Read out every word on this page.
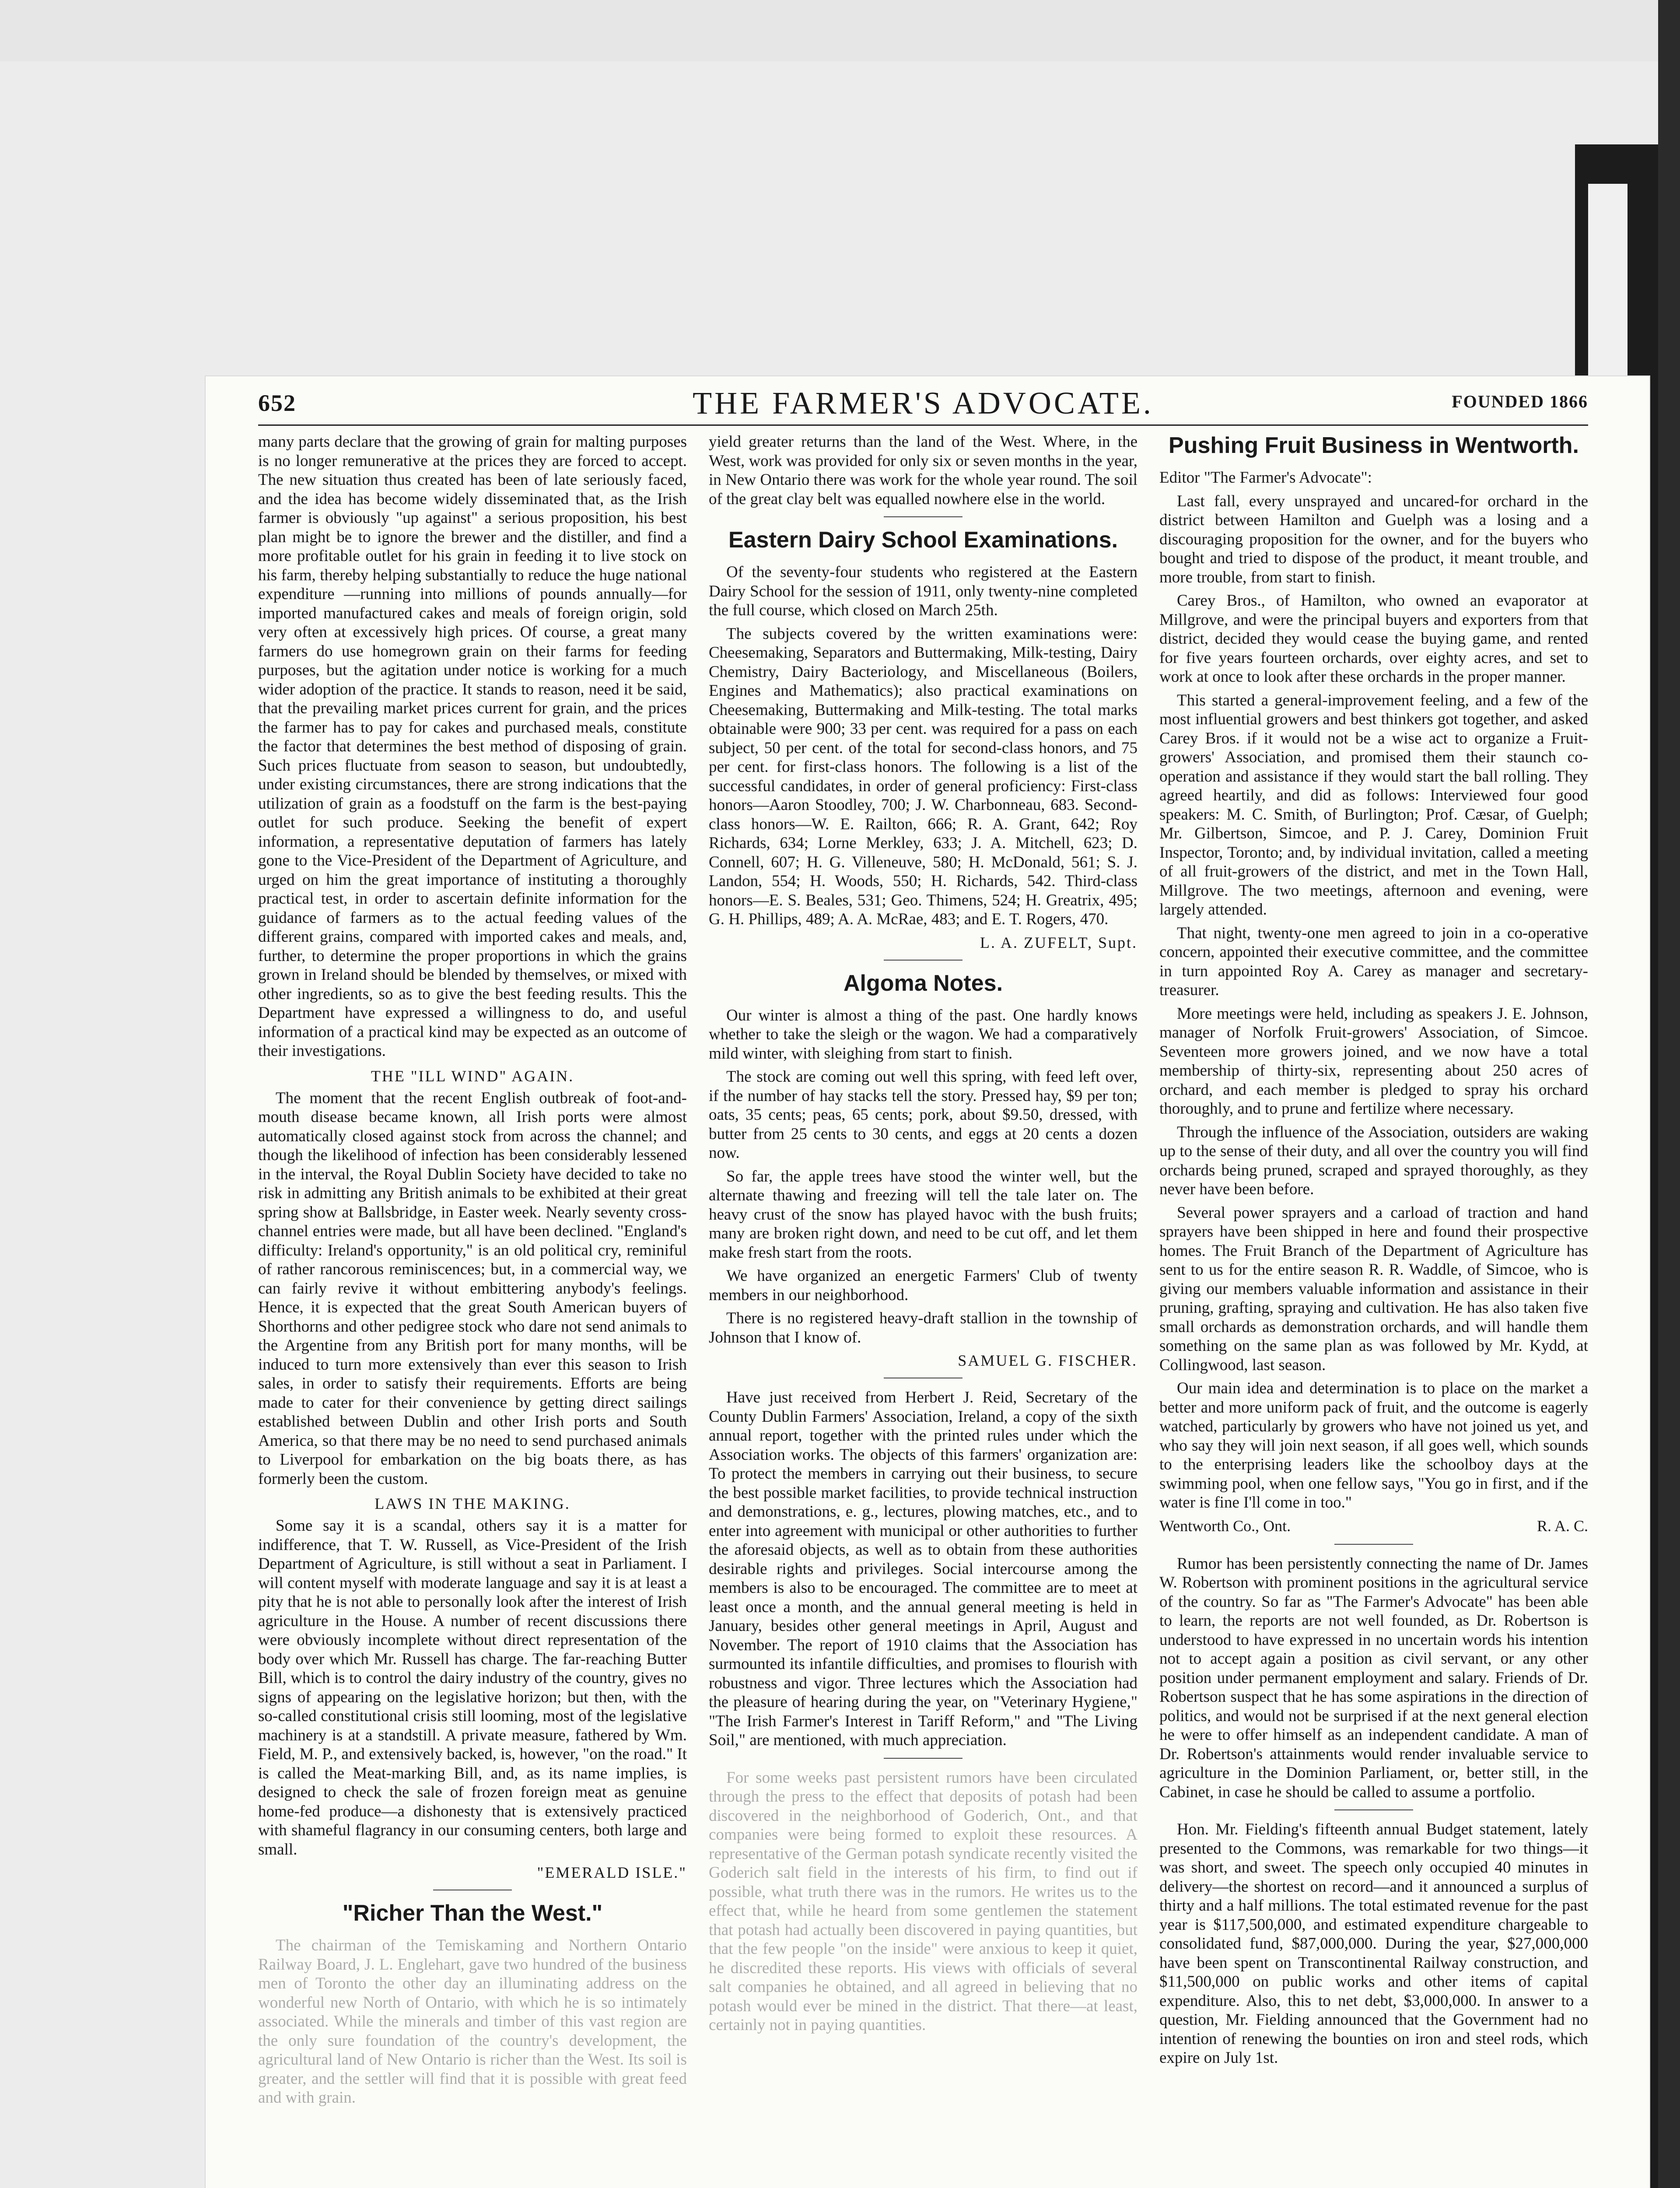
652	THE FARMER'S ADVOCATE.	FOUNDED 1866

many parts declare that the growing of grain for malting purposes is no longer remunerative at the prices they are forced to accept. The new situation thus created has been of late seriously faced, and the idea has become widely disseminated that, as the Irish farmer is obviously "up against" a serious proposition, his best plan might be to ignore the brewer and the distiller, and find a more profitable outlet for his grain in feeding it to live stock on his farm, thereby helping substantially to reduce the huge national expenditure —running into millions of pounds annually—for imported manufactured cakes and meals of foreign origin, sold very often at excessively high prices. Of course, a great many farmers do use homegrown grain on their farms for feeding purposes, but the agitation under notice is working for a much wider adoption of the practice. It stands to reason, need it be said, that the prevailing market prices current for grain, and the prices the farmer has to pay for cakes and purchased meals, constitute the factor that determines the best method of disposing of grain. Such prices fluctuate from season to season, but undoubtedly, under existing circumstances, there are strong indications that the utilization of grain as a foodstuff on the farm is the best-paying outlet for such produce. Seeking the benefit of expert information, a representative deputation of farmers has lately gone to the Vice-President of the Department of Agriculture, and urged on him the great importance of instituting a thoroughly practical test, in order to ascertain definite information for the guidance of farmers as to the actual feeding values of the different grains, compared with imported cakes and meals, and, further, to determine the proper proportions in which the grains grown in Ireland should be blended by themselves, or mixed with other ingredients, so as to give the best feeding results. This the Department have expressed a willingness to do, and useful information of a practical kind may be expected as an outcome of their investigations.

THE "ILL WIND" AGAIN.

The moment that the recent English outbreak of foot-and-mouth disease became known, all Irish ports were almost automatically closed against stock from across the channel; and though the likelihood of infection has been considerably lessened in the interval, the Royal Dublin Society have decided to take no risk in admitting any British animals to be exhibited at their great spring show at Ballsbridge, in Easter week. Nearly seventy cross-channel entries were made, but all have been declined. "England's difficulty: Ireland's opportunity," is an old political cry, reminiful of rather rancorous reminiscences; but, in a commercial way, we can fairly revive it without embittering anybody's feelings. Hence, it is expected that the great South American buyers of Shorthorns and other pedigree stock who dare not send animals to the Argentine from any British port for many months, will be induced to turn more extensively than ever this season to Irish sales, in order to satisfy their requirements. Efforts are being made to cater for their convenience by getting direct sailings established between Dublin and other Irish ports and South America, so that there may be no need to send purchased animals to Liverpool for embarkation on the big boats there, as has formerly been the custom.

LAWS IN THE MAKING.

Some say it is a scandal, others say it is a matter for indifference, that T. W. Russell, as Vice-President of the Irish Department of Agriculture, is still without a seat in Parliament. I will content myself with moderate language and say it is at least a pity that he is not able to personally look after the interest of Irish agriculture in the House. A number of recent discussions there were obviously incomplete without direct representation of the body over which Mr. Russell has charge. The far-reaching Butter Bill, which is to control the dairy industry of the country, gives no signs of appearing on the legislative horizon; but then, with the so-called constitutional crisis still looming, most of the legislative machinery is at a standstill. A private measure, fathered by Wm. Field, M. P., and extensively backed, is, however, "on the road." It is called the Meat-marking Bill, and, as its name implies, is designed to check the sale of frozen foreign meat as genuine home-fed produce—a dishonesty that is extensively practiced with shameful flagrancy in our consuming centers, both large and small.

"EMERALD ISLE."
"Richer Than the West."

The chairman of the Temiskaming and Northern Ontario Railway Board, J. L. Englehart, gave two hundred of the business men of Toronto the other day an illuminating address on the wonderful new North of Ontario, with which he is so intimately associated. While the minerals and timber of this vast region are the only sure foundation of the country's development, the agricultural land of New Ontario is richer than the West. Its soil is greater, and the settler will find that it is possible with great feed and with grain.

yield greater returns than the land of the West. Where, in the West, work was provided for only six or seven months in the year, in New Ontario there was work for the whole year round. The soil of the great clay belt was equalled nowhere else in the world.

Eastern Dairy School Examinations.

Of the seventy-four students who registered at the Eastern Dairy School for the session of 1911, only twenty-nine completed the full course, which closed on March 25th.

The subjects covered by the written examinations were: Cheesemaking, Separators and Buttermaking, Milk-testing, Dairy Chemistry, Dairy Bacteriology, and Miscellaneous (Boilers, Engines and Mathematics); also practical examinations on Cheesemaking, Buttermaking and Milk-testing. The total marks obtainable were 900; 33 per cent. was required for a pass on each subject, 50 per cent. of the total for second-class honors, and 75 per cent. for first-class honors. The following is a list of the successful candidates, in order of general proficiency: First-class honors—Aaron Stoodley, 700; J. W. Charbonneau, 683. Second-class honors—W. E. Railton, 666; R. A. Grant, 642; Roy Richards, 634; Lorne Merkley, 633; J. A. Mitchell, 623; D. Connell, 607; H. G. Villeneuve, 580; H. McDonald, 561; S. J. Landon, 554; H. Woods, 550; H. Richards, 542. Third-class honors—E. S. Beales, 531; Geo. Thimens, 524; H. Greatrix, 495; G. H. Phillips, 489; A. A. McRae, 483; and E. T. Rogers, 470.

L. A. ZUFELT, Supt.
Algoma Notes.

Our winter is almost a thing of the past. One hardly knows whether to take the sleigh or the wagon. We had a comparatively mild winter, with sleighing from start to finish.

The stock are coming out well this spring, with feed left over, if the number of hay stacks tell the story. Pressed hay, $9 per ton; oats, 35 cents; peas, 65 cents; pork, about $9.50, dressed, with butter from 25 cents to 30 cents, and eggs at 20 cents a dozen now.

So far, the apple trees have stood the winter well, but the alternate thawing and freezing will tell the tale later on. The heavy crust of the snow has played havoc with the bush fruits; many are broken right down, and need to be cut off, and let them make fresh start from the roots.

We have organized an energetic Farmers' Club of twenty members in our neighborhood.

There is no registered heavy-draft stallion in the township of Johnson that I know of.

SAMUEL G. FISCHER.

Have just received from Herbert J. Reid, Secretary of the County Dublin Farmers' Association, Ireland, a copy of the sixth annual report, together with the printed rules under which the Association works. The objects of this farmers' organization are: To protect the members in carrying out their business, to secure the best possible market facilities, to provide technical instruction and demonstrations, e. g., lectures, plowing matches, etc., and to enter into agreement with municipal or other authorities to further the aforesaid objects, as well as to obtain from these authorities desirable rights and privileges. Social intercourse among the members is also to be encouraged. The committee are to meet at least once a month, and the annual general meeting is held in January, besides other general meetings in April, August and November. The report of 1910 claims that the Association has surmounted its infantile difficulties, and promises to flourish with robustness and vigor. Three lectures which the Association had the pleasure of hearing during the year, on "Veterinary Hygiene," "The Irish Farmer's Interest in Tariff Reform," and "The Living Soil," are mentioned, with much appreciation.

For some weeks past persistent rumors have been circulated through the press to the effect that deposits of potash had been discovered in the neighborhood of Goderich, Ont., and that companies were being formed to exploit these resources. A representative of the German potash syndicate recently visited the Goderich salt field in the interests of his firm, to find out if possible, what truth there was in the rumors. He writes us to the effect that, while he heard from some gentlemen the statement that potash had actually been discovered in paying quantities, but that the few people "on the inside" were anxious to keep it quiet, he discredited these reports. His views with officials of several salt companies he obtained, and all agreed in believing that no potash would ever be mined in the district. That there—at least, certainly not in paying quantities.

Pushing Fruit Business in Wentworth.

Editor "The Farmer's Advocate":

Last fall, every unsprayed and uncared-for orchard in the district between Hamilton and Guelph was a losing and a discouraging proposition for the owner, and for the buyers who bought and tried to dispose of the product, it meant trouble, and more trouble, from start to finish.

Carey Bros., of Hamilton, who owned an evaporator at Millgrove, and were the principal buyers and exporters from that district, decided they would cease the buying game, and rented for five years fourteen orchards, over eighty acres, and set to work at once to look after these orchards in the proper manner.

This started a general-improvement feeling, and a few of the most influential growers and best thinkers got together, and asked Carey Bros. if it would not be a wise act to organize a Fruit-growers' Association, and promised them their staunch co-operation and assistance if they would start the ball rolling. They agreed heartily, and did as follows: Interviewed four good speakers: M. C. Smith, of Burlington; Prof. Cæsar, of Guelph; Mr. Gilbertson, Simcoe, and P. J. Carey, Dominion Fruit Inspector, Toronto; and, by individual invitation, called a meeting of all fruit-growers of the district, and met in the Town Hall, Millgrove. The two meetings, afternoon and evening, were largely attended.

That night, twenty-one men agreed to join in a co-operative concern, appointed their executive committee, and the committee in turn appointed Roy A. Carey as manager and secretary-treasurer.

More meetings were held, including as speakers J. E. Johnson, manager of Norfolk Fruit-growers' Association, of Simcoe. Seventeen more growers joined, and we now have a total membership of thirty-six, representing about 250 acres of orchard, and each member is pledged to spray his orchard thoroughly, and to prune and fertilize where necessary.

Through the influence of the Association, outsiders are waking up to the sense of their duty, and all over the country you will find orchards being pruned, scraped and sprayed thoroughly, as they never have been before.

Several power sprayers and a carload of traction and hand sprayers have been shipped in here and found their prospective homes. The Fruit Branch of the Department of Agriculture has sent to us for the entire season R. R. Waddle, of Simcoe, who is giving our members valuable information and assistance in their pruning, grafting, spraying and cultivation. He has also taken five small orchards as demonstration orchards, and will handle them something on the same plan as was followed by Mr. Kydd, at Collingwood, last season.

Our main idea and determination is to place on the market a better and more uniform pack of fruit, and the outcome is eagerly watched, particularly by growers who have not joined us yet, and who say they will join next season, if all goes well, which sounds to the enterprising leaders like the schoolboy days at the swimming pool, when one fellow says, "You go in first, and if the water is fine I'll come in too."

Wentworth Co., Ont.	R. A. C.

Rumor has been persistently connecting the name of Dr. James W. Robertson with prominent positions in the agricultural service of the country. So far as "The Farmer's Advocate" has been able to learn, the reports are not well founded, as Dr. Robertson is understood to have expressed in no uncertain words his intention not to accept again a position as civil servant, or any other position under permanent employment and salary. Friends of Dr. Robertson suspect that he has some aspirations in the direction of politics, and would not be surprised if at the next general election he were to offer himself as an independent candidate. A man of Dr. Robertson's attainments would render invaluable service to agriculture in the Dominion Parliament, or, better still, in the Cabinet, in case he should be called to assume a portfolio.

Hon. Mr. Fielding's fifteenth annual Budget statement, lately presented to the Commons, was remarkable for two things—it was short, and sweet. The speech only occupied 40 minutes in delivery—the shortest on record—and it announced a surplus of thirty and a half millions. The total estimated revenue for the past year is $117,500,000, and estimated expenditure chargeable to consolidated fund, $87,000,000. During the year, $27,000,000 have been spent on Transcontinental Railway construction, and $11,500,000 on public works and other items of capital expenditure. Also, this to net debt, $3,000,000. In answer to a question, Mr. Fielding announced that the Government had no intention of renewing the bounties on iron and steel rods, which expire on July 1st.
